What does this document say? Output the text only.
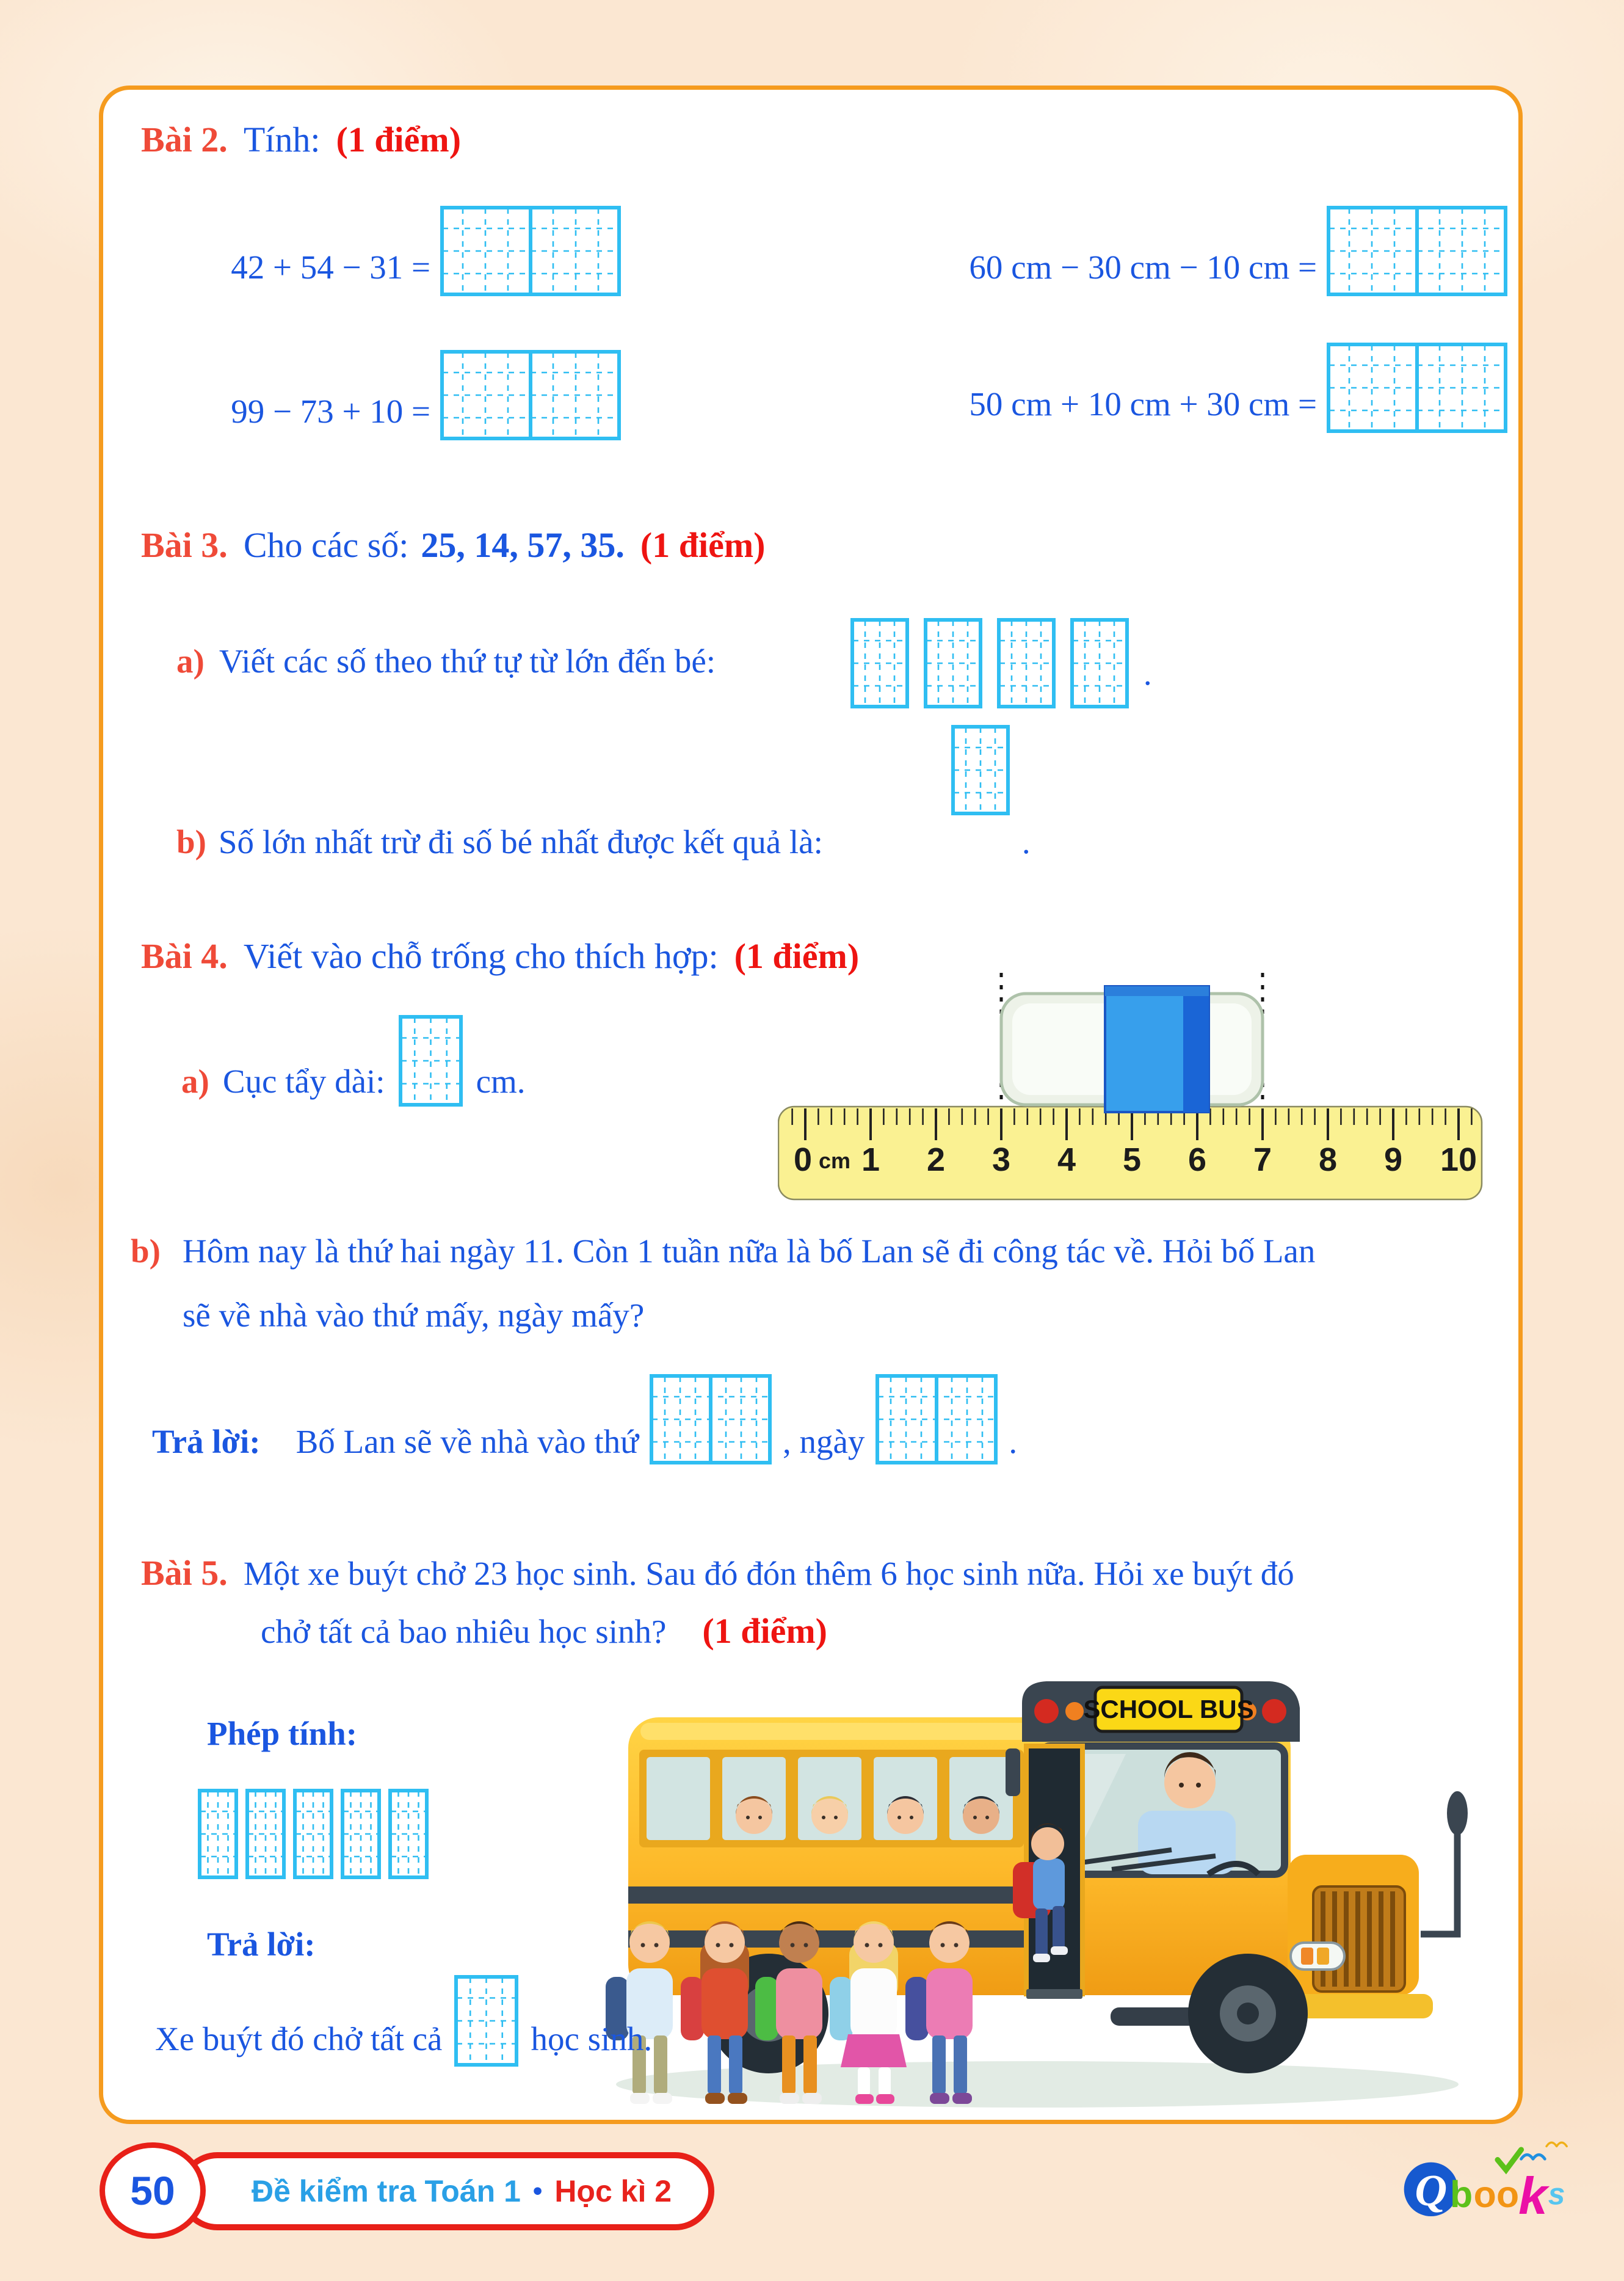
Bài 2. Tính: (1 điểm)
42 + 54 − 31 =
99 − 73 + 10 =
60 cm − 30 cm − 10 cm =
50 cm + 10 cm + 30 cm =
Bài 3. Cho các số: 25, 14, 57, 35. (1 điểm)
a) Viết các số theo thứ tự từ lớn đến bé:	.
b) Số lớn nhất trừ đi số bé nhất được kết quả là:	.
Bài 4. Viết vào chỗ trống cho thích hợp: (1 điểm)
a) Cục tẩy dài:	cm.
0 cm 1 2 3 4 5 6 7 8 9 10
b) Hôm nay là thứ hai ngày 11. Còn 1 tuần nữa là bố Lan sẽ đi công tác về. Hỏi bố Lan
sẽ về nhà vào thứ mấy, ngày mấy?
Trả lời: Bố Lan sẽ về nhà vào thứ	, ngày	.
Bài 5. Một xe buýt chở 23 học sinh. Sau đó đón thêm 6 học sinh nữa. Hỏi xe buýt đó
chở tất cả bao nhiêu học sinh? (1 điểm)
SCHOOL BUS
Phép tính:
Trả lời:
Xe buýt đó chở tất cả	học sinh.
Đề kiểm tra Toán 1 • Học kì 2
50	Q b o o k s
